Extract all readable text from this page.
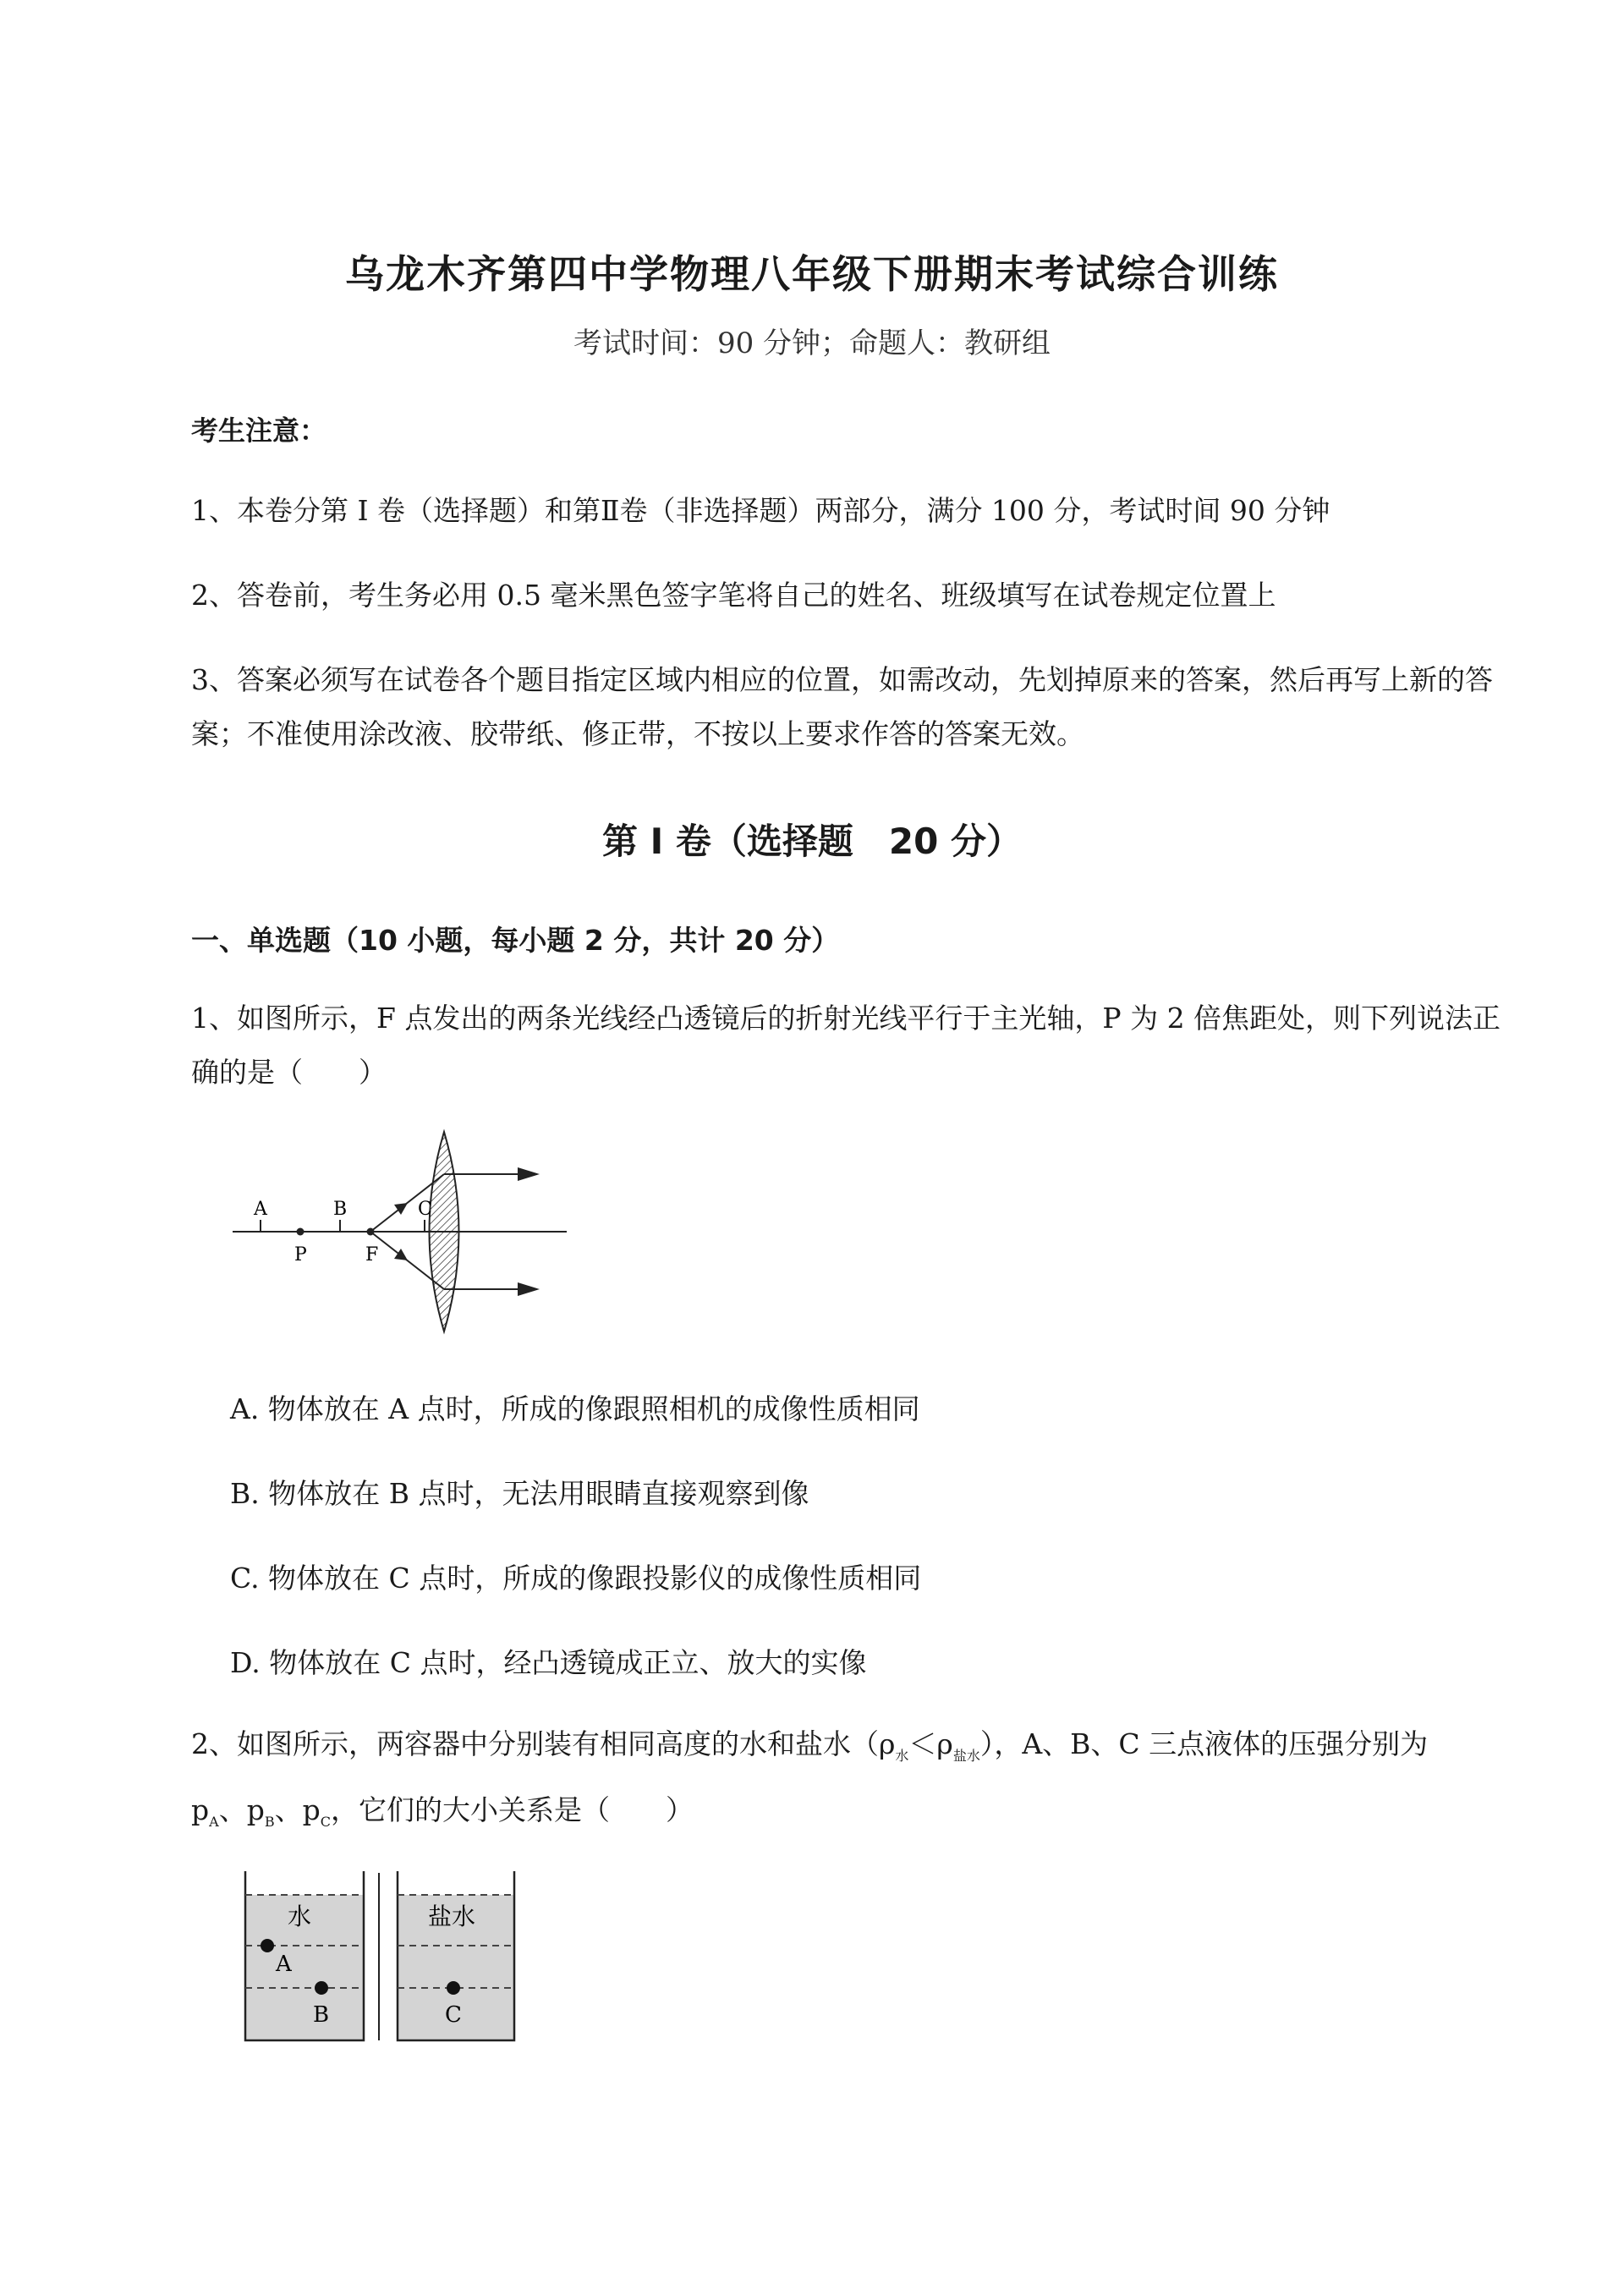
乌龙木齐第四中学物理八年级下册期末考试综合训练
考试时间：90 分钟；命题人：教研组
考生注意：
1、本卷分第 I 卷（选择题）和第Ⅱ卷（非选择题）两部分，满分 100 分，考试时间 90 分钟
2、答卷前，考生务必用 0.5 毫米黑色签字笔将自己的姓名、班级填写在试卷规定位置上
3、答案必须写在试卷各个题目指定区域内相应的位置，如需改动，先划掉原来的答案，然后再写上新的答案；不准使用涂改液、胶带纸、修正带，不按以上要求作答的答案无效。
第 I 卷（选择题　20 分）
一、单选题（10 小题，每小题 2 分，共计 20 分）
1、如图所示，F 点发出的两条光线经凸透镜后的折射光线平行于主光轴，P 为 2 倍焦距处，则下列说法正确的是（　　）
A	B	C
P	F
A. 物体放在 A 点时，所成的像跟照相机的成像性质相同
B. 物体放在 B 点时，无法用眼睛直接观察到像
C. 物体放在 C 点时，所成的像跟投影仪的成像性质相同
D. 物体放在 C 点时，经凸透镜成正立、放大的实像
2、如图所示，两容器中分别装有相同高度的水和盐水$(\rho_水<\rho_{盐水})$，A、B、C 三点液体的压强分别为
$p_A$、$p_B$、$p_C$，它们的大小关系是（　　）
水	盐水
A
B	C
